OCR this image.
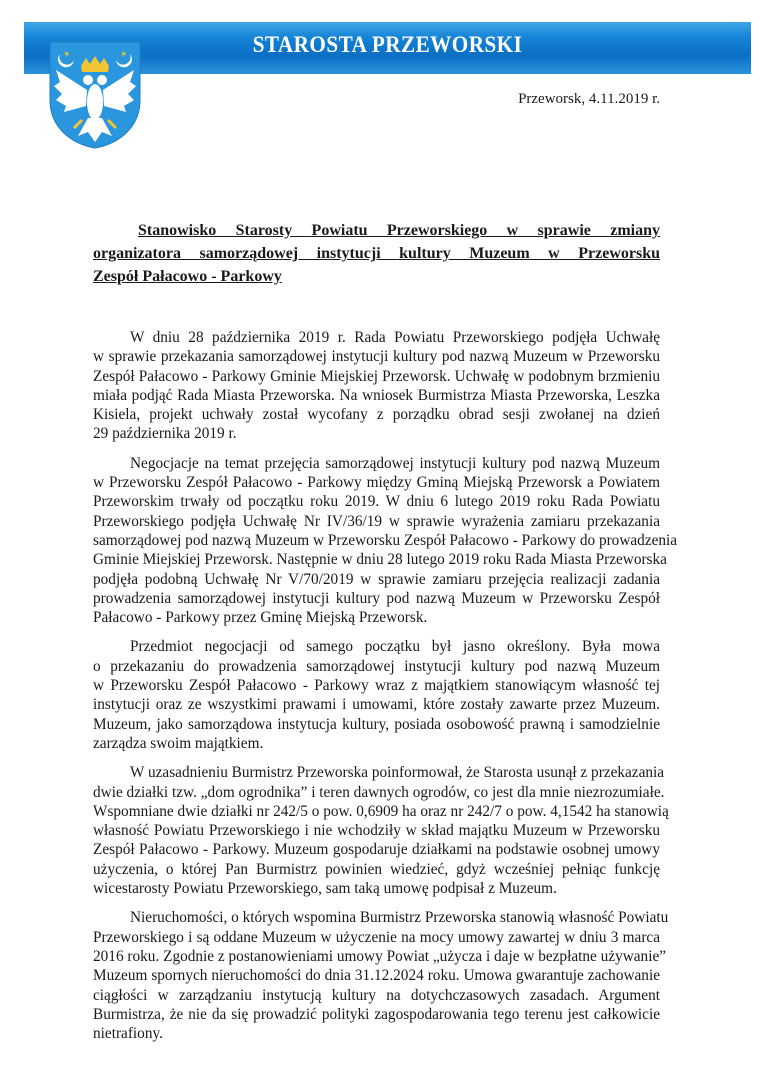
STAROSTA PRZEWORSKI
✶	✶
Przeworsk, 4.11.2019 r.
Stanowisko Starosty Powiatu Przeworskiego w sprawie zmiany
organizatora samorządowej instytucji kultury Muzeum w Przeworsku
Zespół Pałacowo - Parkowy
W dniu 28 października 2019 r. Rada Powiatu Przeworskiego podjęła Uchwałę
w sprawie przekazania samorządowej instytucji kultury pod nazwą Muzeum w Przeworsku
Zespół Pałacowo - Parkowy Gminie Miejskiej Przeworsk. Uchwałę w podobnym brzmieniu
miała podjąć Rada Miasta Przeworska. Na wniosek Burmistrza Miasta Przeworska, Leszka
Kisiela, projekt uchwały został wycofany z porządku obrad sesji zwołanej na dzień
29 października 2019 r.
Negocjacje na temat przejęcia samorządowej instytucji kultury pod nazwą Muzeum
w Przeworsku Zespół Pałacowo - Parkowy między Gminą Miejską Przeworsk a Powiatem
Przeworskim trwały od początku roku 2019. W dniu 6 lutego 2019 roku Rada Powiatu
Przeworskiego podjęła Uchwałę Nr IV/36/19 w sprawie wyrażenia zamiaru przekazania
samorządowej pod nazwą Muzeum w Przeworsku Zespół Pałacowo - Parkowy do prowadzenia
Gminie Miejskiej Przeworsk. Następnie w dniu 28 lutego 2019 roku Rada Miasta Przeworska
podjęła podobną Uchwałę Nr V/70/2019 w sprawie zamiaru przejęcia realizacji zadania
prowadzenia samorządowej instytucji kultury pod nazwą Muzeum w Przeworsku Zespół
Pałacowo - Parkowy przez Gminę Miejską Przeworsk.
Przedmiot negocjacji od samego początku był jasno określony. Była mowa
o przekazaniu do prowadzenia samorządowej instytucji kultury pod nazwą Muzeum
w Przeworsku Zespół Pałacowo - Parkowy wraz z majątkiem stanowiącym własność tej
instytucji oraz ze wszystkimi prawami i umowami, które zostały zawarte przez Muzeum.
Muzeum, jako samorządowa instytucja kultury, posiada osobowość prawną i samodzielnie
zarządza swoim majątkiem.
W uzasadnieniu Burmistrz Przeworska poinformował, że Starosta usunął z przekazania
dwie działki tzw. „dom ogrodnika” i teren dawnych ogrodów, co jest dla mnie niezrozumiałe.
Wspomniane dwie działki nr 242/5 o pow. 0,6909 ha oraz nr 242/7 o pow. 4,1542 ha stanowią
własność Powiatu Przeworskiego i nie wchodziły w skład majątku Muzeum w Przeworsku
Zespół Pałacowo - Parkowy. Muzeum gospodaruje działkami na podstawie osobnej umowy
użyczenia, o której Pan Burmistrz powinien wiedzieć, gdyż wcześniej pełniąc funkcję
wicestarosty Powiatu Przeworskiego, sam taką umowę podpisał z Muzeum.
Nieruchomości, o których wspomina Burmistrz Przeworska stanowią własność Powiatu
Przeworskiego i są oddane Muzeum w użyczenie na mocy umowy zawartej w dniu 3 marca
2016 roku. Zgodnie z postanowieniami umowy Powiat „użycza i daje w bezpłatne używanie”
Muzeum spornych nieruchomości do dnia 31.12.2024 roku. Umowa gwarantuje zachowanie
ciągłości w zarządzaniu instytucją kultury na dotychczasowych zasadach. Argument
Burmistrza, że nie da się prowadzić polityki zagospodarowania tego terenu jest całkowicie
nietrafiony.
